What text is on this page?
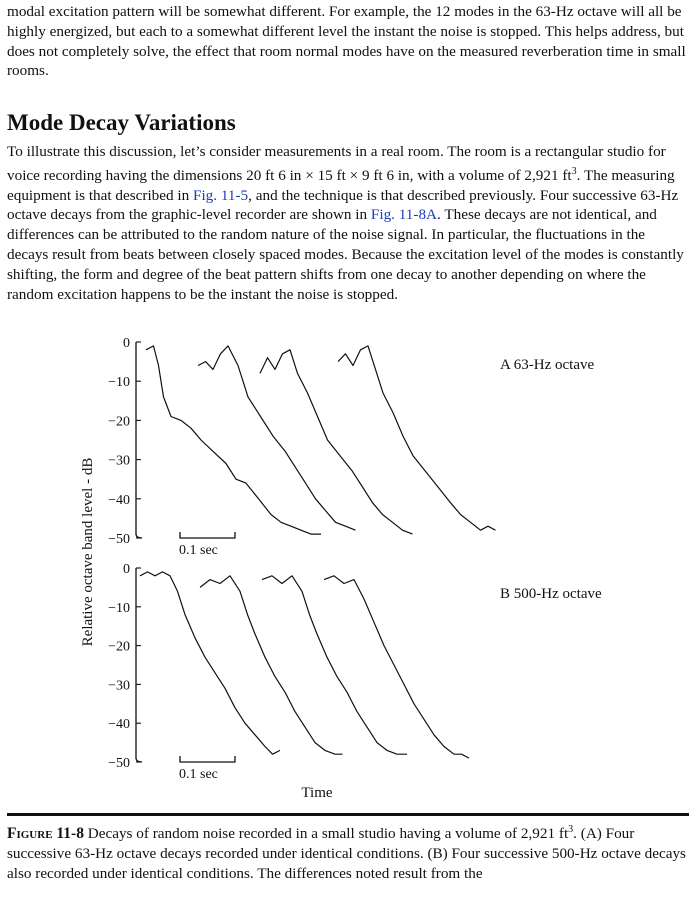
modal excitation pattern will be somewhat different. For example, the 12 modes in the 63-Hz octave will all be highly energized, but each to a somewhat different level the instant the noise is stopped. This helps address, but does not completely solve, the effect that room normal modes have on the measured reverberation time in small rooms.

Mode Decay Variations

To illustrate this discussion, let’s consider measurements in a real room. The room is a rectangular studio for voice recording having the dimensions 20 ft 6 in × 15 ft × 9 ft 6 in, with a volume of 2,921 $ft^3$. The measuring equipment is that described in Fig. 11-5, and the technique is that described previously. Four successive 63-Hz octave decays from the graphic-level recorder are shown in Fig. 11-8A. These decays are not identical, and differences can be attributed to the random nature of the noise signal. In particular, the fluctuations in the decays result from beats between closely spaced modes. Because the excitation level of the modes is constantly shifting, the form and degree of the beat pattern shifts from one decay to another depending on where the random excitation happens to be the instant the noise is stopped.

0
−10
−20
−30
−40
−50
0
−10
−20
−30
−40
−50
A 63-Hz octave
0.1 sec
B 500-Hz octave
0.1 sec
Relative octave band level - dB
Time

Figure 11-8 Decays of random noise recorded in a small studio having a volume of 2,921 $ft^3$. (A) Four successive 63-Hz octave decays recorded under identical conditions. (B) Four successive 500-Hz octave decays also recorded under identical conditions. The differences noted result from the
